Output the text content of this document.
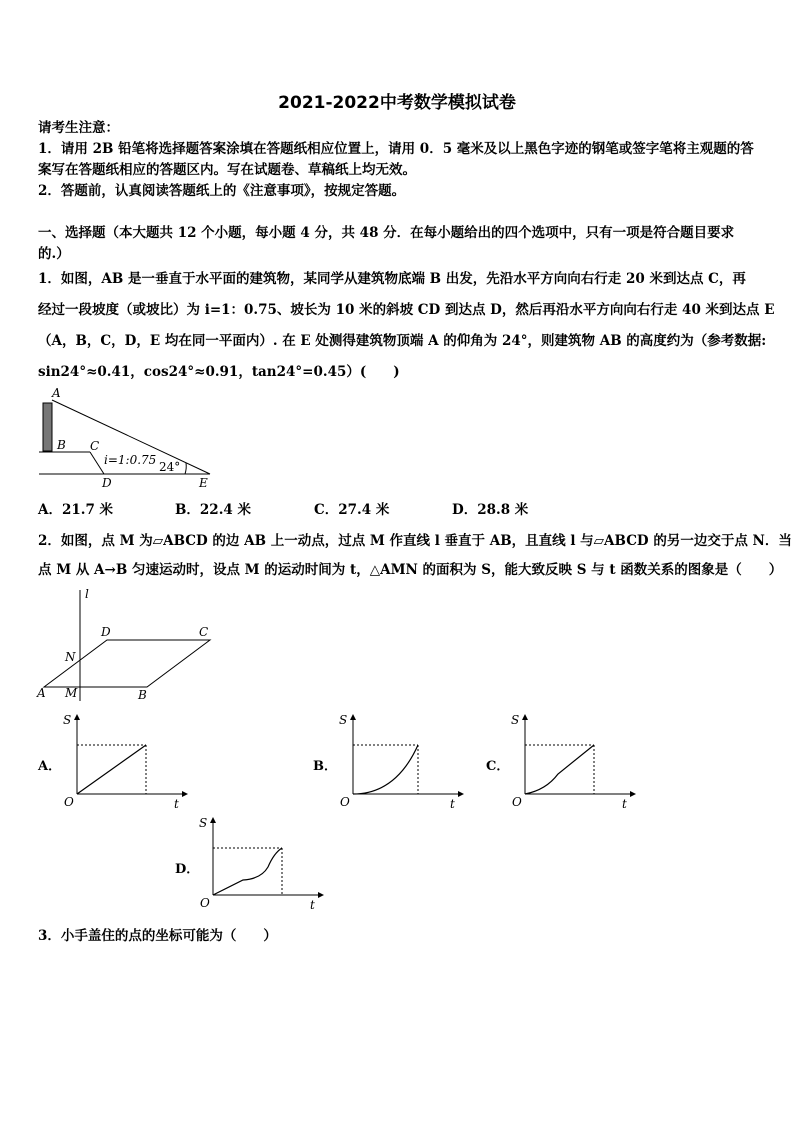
2021-2022中考数学模拟试卷
请考生注意：
1．请用 2B 铅笔将选择题答案涂填在答题纸相应位置上，请用 0．5 毫米及以上黑色字迹的钢笔或签字笔将主观题的答
案写在答题纸相应的答题区内。写在试题卷、草稿纸上均无效。
2．答题前，认真阅读答题纸上的《注意事项》，按规定答题。
一、选择题（本大题共 12 个小题，每小题 4 分，共 48 分．在每小题给出的四个选项中，只有一项是符合题目要求
的.）
1．如图，AB 是一垂直于水平面的建筑物，某同学从建筑物底端 B 出发，先沿水平方向向右行走 20 米到达点 C，再
经过一段坡度（或坡比）为 i=1：0.75、坡长为 10 米的斜坡 CD 到达点 D，然后再沿水平方向向右行走 40 米到达点 E
（A，B，C，D，E 均在同一平面内）. 在 E 处测得建筑物顶端 A 的仰角为 24°，则建筑物 AB 的高度约为（参考数据:
sin24°≈0.41，cos24°≈0.91，tan24°=0.45）(　　)
A
B C
D	E
i=1:0.75 24°
A．21.7 米	B．22.4 米	C．27.4 米	D．28.8 米
2．如图，点 M 为▱ABCD 的边 AB 上一动点，过点 M 作直线 l 垂直于 AB，且直线 l 与▱ABCD 的另一边交于点 N．当
点 M 从 A→B 匀速运动时，设点 M 的运动时间为 t，△AMN 的面积为 S，能大致反映 S 与 t 函数关系的图象是（　　）
l
D	C
N
A M	B
A．	B．	C．
D．
S
O	t
S
O	t
S
O	t
S
O	t
3．小手盖住的点的坐标可能为（　　）
